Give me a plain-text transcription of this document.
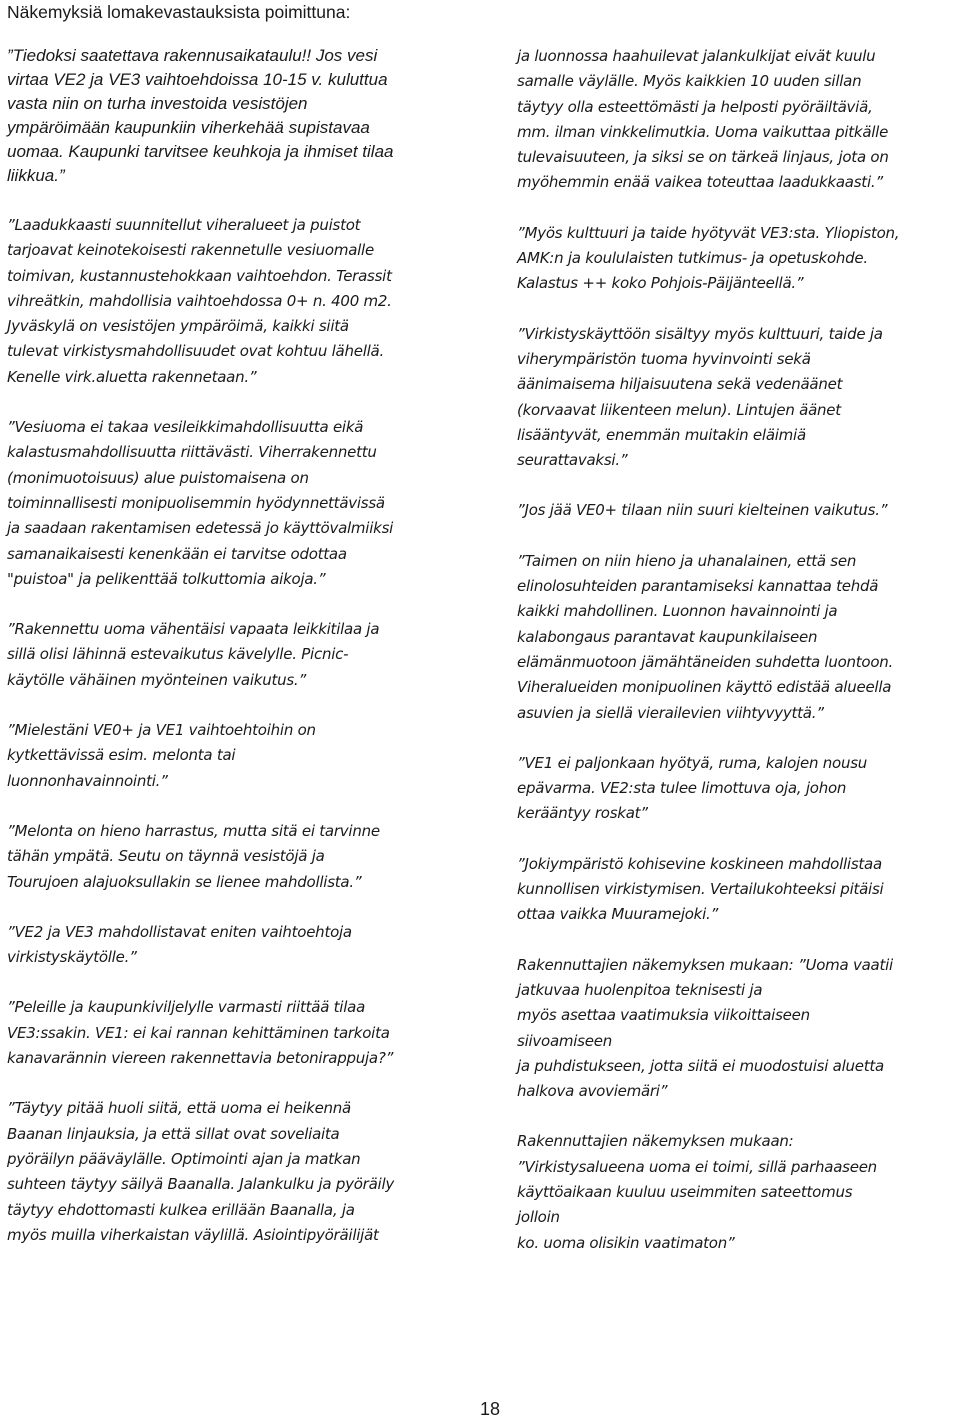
Näkemyksiä lomakevastauksista poimittuna:

”Tiedoksi saatettava rakennusaikataulu!! Jos vesi
virtaa VE2 ja VE3 vaihtoehdoissa 10-15 v. kuluttua
vasta niin on turha investoida vesistöjen
ympäröimään kaupunkiin viherkehää supistavaa
uomaa. Kaupunki tarvitsee keuhkoja ja ihmiset tilaa
liikkua.”

”Laadukkaasti suunnitellut viheralueet ja puistot
tarjoavat keinotekoisesti rakennetulle vesiuomalle
toimivan, kustannustehokkaan vaihtoehdon. Terassit
vihreätkin, mahdollisia vaihtoehdossa 0+ n. 400 m2.
Jyväskylä on vesistöjen ympäröimä, kaikki siitä
tulevat virkistysmahdollisuudet ovat kohtuu lähellä.
Kenelle virk.aluetta rakennetaan.”

”Vesiuoma ei takaa vesileikkimahdollisuutta eikä
kalastusmahdollisuutta riittävästi. Viherrakennettu
(monimuotoisuus) alue puistomaisena on
toiminnallisesti monipuolisemmin hyödynnettävissä
ja saadaan rakentamisen edetessä jo käyttövalmiiksi
samanaikaisesti kenenkään ei tarvitse odottaa
"puistoa" ja pelikenttää tolkuttomia aikoja.”

”Rakennettu uoma vähentäisi vapaata leikkitilaa ja
sillä olisi lähinnä estevaikutus kävelylle. Picnic-
käytölle vähäinen myönteinen vaikutus.”

”Mielestäni VE0+ ja VE1 vaihtoehtoihin on
kytkettävissä esim. melonta tai
luonnonhavainnointi.”

”Melonta on hieno harrastus, mutta sitä ei tarvinne
tähän ympätä. Seutu on täynnä vesistöjä ja
Tourujoen alajuoksullakin se lienee mahdollista.”

”VE2 ja VE3 mahdollistavat eniten vaihtoehtoja
virkistyskäytölle.”

”Peleille ja kaupunkiviljelylle varmasti riittää tilaa
VE3:ssakin. VE1: ei kai rannan kehittäminen tarkoita
kanavarännin viereen rakennettavia betonirappuja?”

”Täytyy pitää huoli siitä, että uoma ei heikennä
Baanan linjauksia, ja että sillat ovat soveliaita
pyöräilyn pääväylälle. Optimointi ajan ja matkan
suhteen täytyy säilyä Baanalla. Jalankulku ja pyöräily
täytyy ehdottomasti kulkea erillään Baanalla, ja
myös muilla viherkaistan väylillä. Asiointipyöräilijät

ja luonnossa haahuilevat jalankulkijat eivät kuulu
samalle väylälle. Myös kaikkien 10 uuden sillan
täytyy olla esteettömästi ja helposti pyöräiltäviä,
mm. ilman vinkkelimutkia. Uoma vaikuttaa pitkälle
tulevaisuuteen, ja siksi se on tärkeä linjaus, jota on
myöhemmin enää vaikea toteuttaa laadukkaasti.”

”Myös kulttuuri ja taide hyötyvät VE3:sta. Yliopiston,
AMK:n ja koululaisten tutkimus- ja opetuskohde.
Kalastus ++ koko Pohjois-Päijänteellä.”

”Virkistyskäyttöön sisältyy myös kulttuuri, taide ja
viherympäristön tuoma hyvinvointi sekä
äänimaisema hiljaisuutena sekä vedenäänet
(korvaavat liikenteen melun). Lintujen äänet
lisääntyvät, enemmän muitakin eläimiä
seurattavaksi.”

”Jos jää VE0+ tilaan niin suuri kielteinen vaikutus.”

”Taimen on niin hieno ja uhanalainen, että sen
elinolosuhteiden parantamiseksi kannattaa tehdä
kaikki mahdollinen. Luonnon havainnointi ja
kalabongaus parantavat kaupunkilaiseen
elämänmuotoon jämähtäneiden suhdetta luontoon.
Viheralueiden monipuolinen käyttö edistää alueella
asuvien ja siellä vierailevien viihtyvyyttä.”

”VE1 ei paljonkaan hyötyä, ruma, kalojen nousu
epävarma. VE2:sta tulee limottuva oja, johon
kerääntyy roskat”

”Jokiympäristö kohisevine koskineen mahdollistaa
kunnollisen virkistymisen. Vertailukohteeksi pitäisi
ottaa vaikka Muuramejoki.”

Rakennuttajien näkemyksen mukaan: ”Uoma vaatii
jatkuvaa huolenpitoa teknisesti ja
myös asettaa vaatimuksia viikoittaiseen
siivoamiseen
ja puhdistukseen, jotta siitä ei muodostuisi aluetta
halkova avoviemäri”

Rakennuttajien näkemyksen mukaan:
”Virkistysalueena uoma ei toimi, sillä parhaaseen
käyttöaikaan kuuluu useimmiten sateettomus
jolloin
ko. uoma olisikin vaatimaton”

18
